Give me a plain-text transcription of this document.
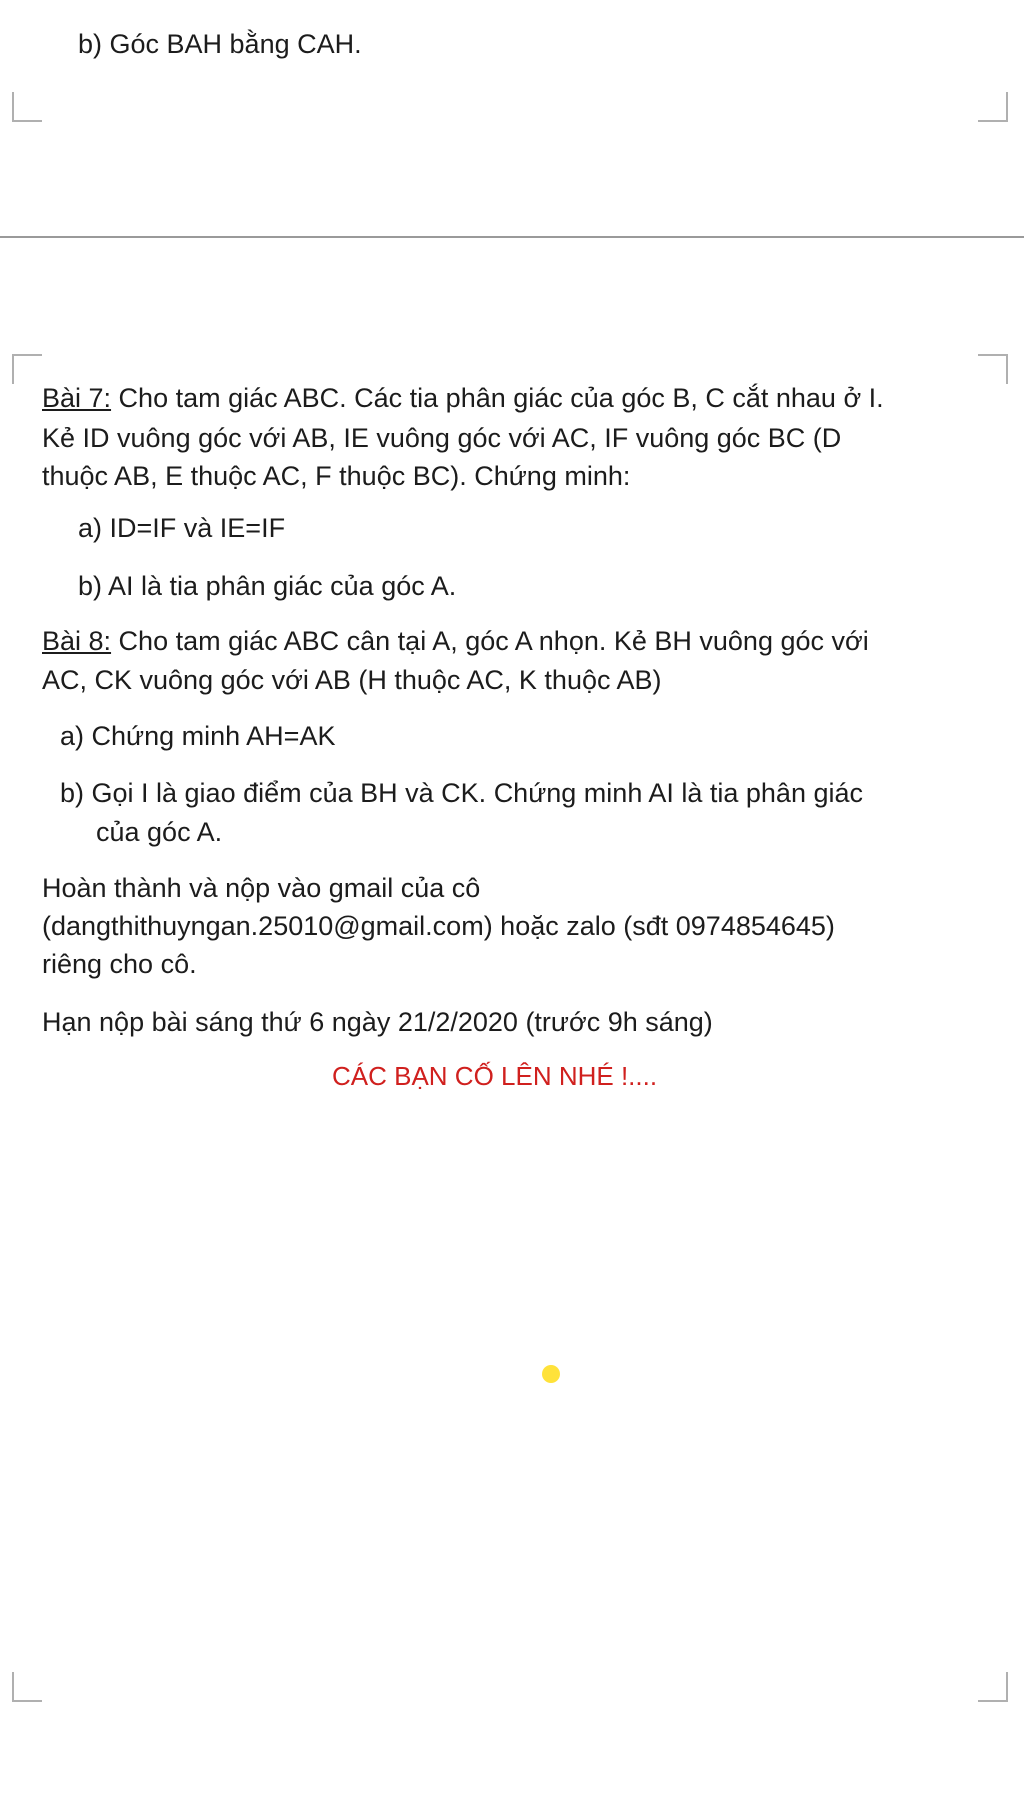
b) Góc BAH bằng CAH.
Bài 7: Cho tam giác ABC. Các tia phân giác của góc B, C cắt nhau ở I.
Kẻ ID vuông góc với AB, IE vuông góc với AC, IF vuông góc BC (D
thuộc AB, E thuộc AC, F thuộc BC). Chứng minh:
a) ID=IF và IE=IF
b) AI là tia phân giác của góc A.
Bài 8: Cho tam giác ABC cân tại A, góc A nhọn. Kẻ BH vuông góc với
AC, CK vuông góc với AB (H thuộc AC, K thuộc AB)
a) Chứng minh AH=AK
b) Gọi I là giao điểm của BH và CK. Chứng minh AI là tia phân giác
của góc A.
Hoàn thành và nộp vào gmail của cô
(dangthithuyngan.25010@gmail.com) hoặc zalo (sđt 0974854645)
riêng cho cô.
Hạn nộp bài sáng thứ 6 ngày 21/2/2020 (trước 9h sáng)
CÁC BẠN CỐ LÊN NHÉ !....
